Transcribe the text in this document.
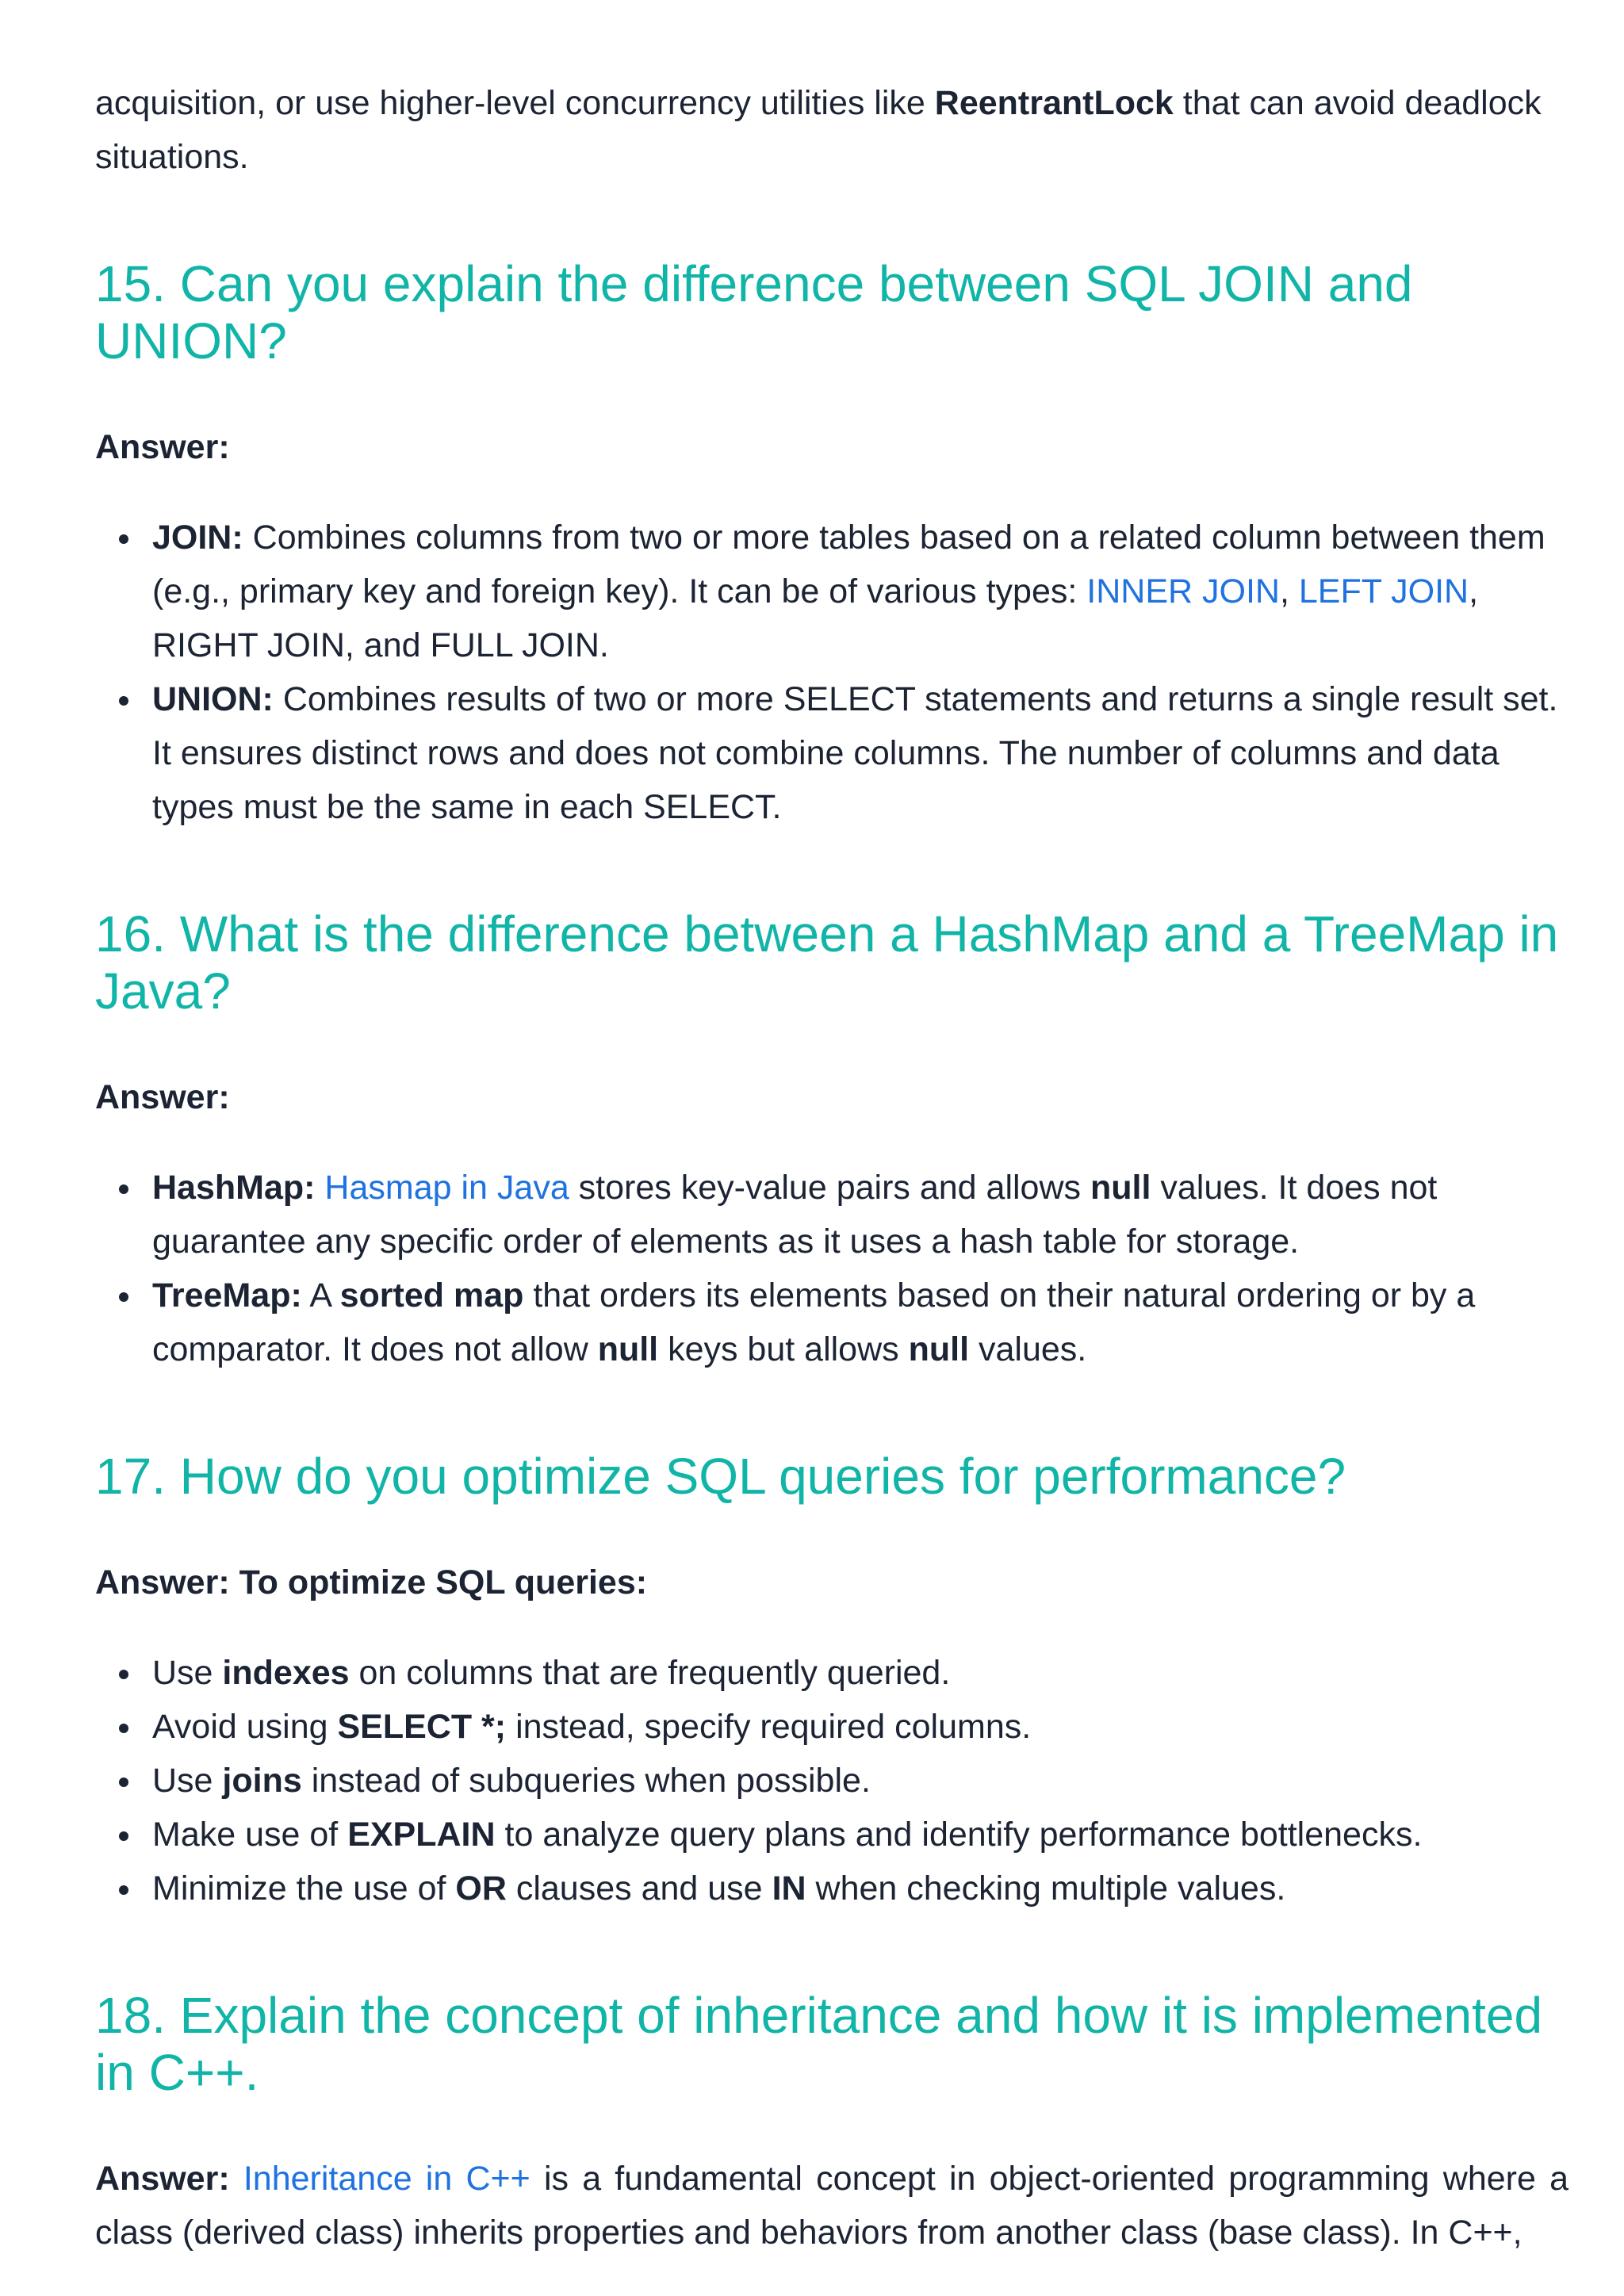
acquisition, or use higher-level concurrency utilities like ReentrantLock that can avoid deadlock situations.

15. Can you explain the difference between SQL JOIN and UNION?

Answer:

JOIN: Combines columns from two or more tables based on a related column between them (e.g., primary key and foreign key). It can be of various types: INNER JOIN, LEFT JOIN, RIGHT JOIN, and FULL JOIN.
UNION: Combines results of two or more SELECT statements and returns a single result set. It ensures distinct rows and does not combine columns. The number of columns and data types must be the same in each SELECT.
16. What is the difference between a HashMap and a TreeMap in Java?

Answer:

HashMap: Hasmap in Java stores key-value pairs and allows null values. It does not guarantee any specific order of elements as it uses a hash table for storage.
TreeMap: A sorted map that orders its elements based on their natural ordering or by a comparator. It does not allow null keys but allows null values.
17. How do you optimize SQL queries for performance?

Answer: To optimize SQL queries:

Use indexes on columns that are frequently queried.
Avoid using SELECT *; instead, specify required columns.
Use joins instead of subqueries when possible.
Make use of EXPLAIN to analyze query plans and identify performance bottlenecks.
Minimize the use of OR clauses and use IN when checking multiple values.
18. Explain the concept of inheritance and how it is implemented in C++.

Answer: Inheritance in C++ is a fundamental concept in object-oriented programming where a class (derived class) inherits properties and behaviors from another class (base class). In C++,
